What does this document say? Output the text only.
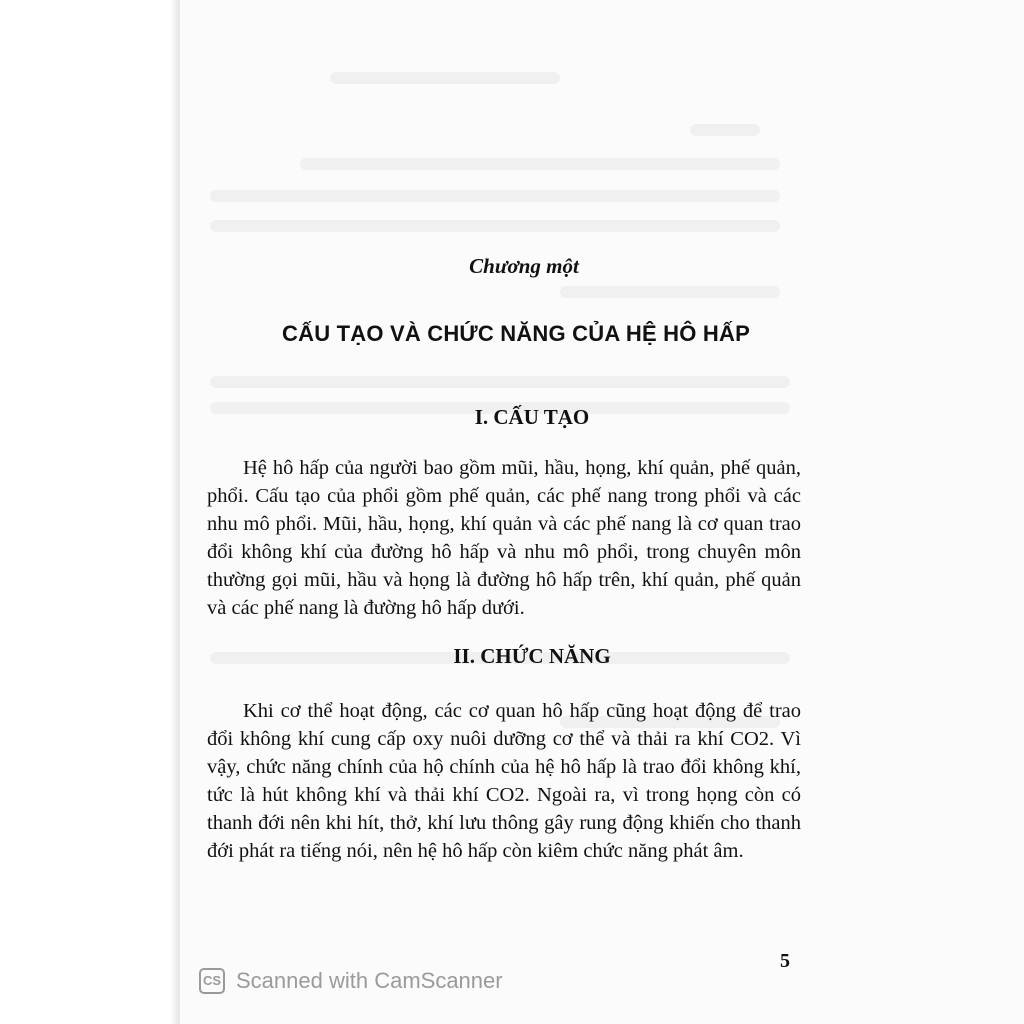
Chương một
CẤU TẠO VÀ CHỨC NĂNG CỦA HỆ HÔ HẤP
I. CẤU TẠO

Hệ hô hấp của người bao gồm mũi, hầu, họng, khí quản, phế quản, phổi. Cấu tạo của phổi gồm phế quản, các phế nang trong phổi và các nhu mô phổi. Mũi, hầu, họng, khí quản và các phế nang là cơ quan trao đổi không khí của đường hô hấp và nhu mô phổi, trong chuyên môn thường gọi mũi, hầu và họng là đường hô hấp trên, khí quản, phế quản và các phế nang là đường hô hấp dưới.

II. CHỨC NĂNG

Khi cơ thể hoạt động, các cơ quan hô hấp cũng hoạt động để trao đổi không khí cung cấp oxy nuôi dưỡng cơ thể và thải ra khí CO2. Vì vậy, chức năng chính của hộ chính của hệ hô hấp là trao đổi không khí, tức là hút không khí và thải khí CO2. Ngoài ra, vì trong họng còn có thanh đới nên khi hít, thở, khí lưu thông gây rung động khiến cho thanh đới phát ra tiếng nói, nên hệ hô hấp còn kiêm chức năng phát âm.

5
CS Scanned with CamScanner
